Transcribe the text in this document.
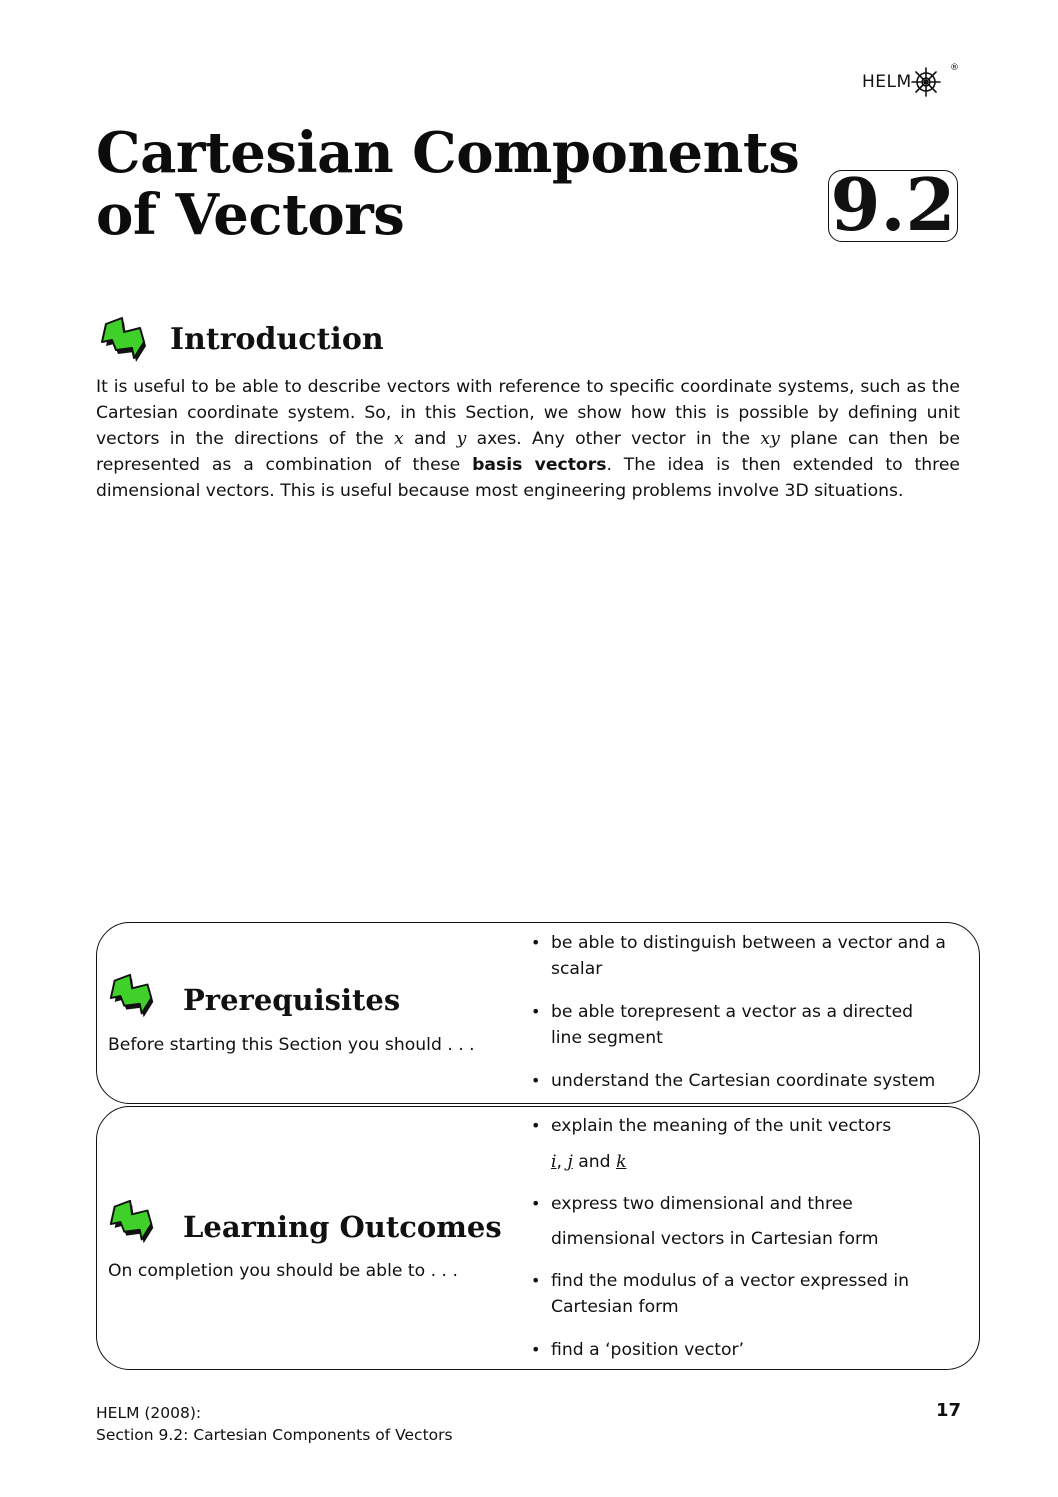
HELM
®
Cartesian Components
of Vectors	9.2
Introduction

It is useful to be able to describe vectors with reference to specific coordinate systems, such as the Cartesian coordinate system. So, in this Section, we show how this is possible by defining unit vectors in the directions of the x and y axes. Any other vector in the xy plane can then be represented as a combination of these basis vectors. The idea is then extended to three dimensional vectors. This is useful because most engineering problems involve 3D situations.

Prerequisites
Before starting this Section you should . . .
• be able to distinguish between a vector and a scalar
• be able torepresent a vector as a directed line segment
• understand the Cartesian coordinate system
Learning Outcomes
On completion you should be able to . . .
• explain the meaning of the unit vectors
i, j and k
• express two dimensional and three
dimensional vectors in Cartesian form
• find the modulus of a vector expressed in Cartesian form
• find a ‘position vector’
HELM (2008):
Section 9.2: Cartesian Components of Vectors
17
